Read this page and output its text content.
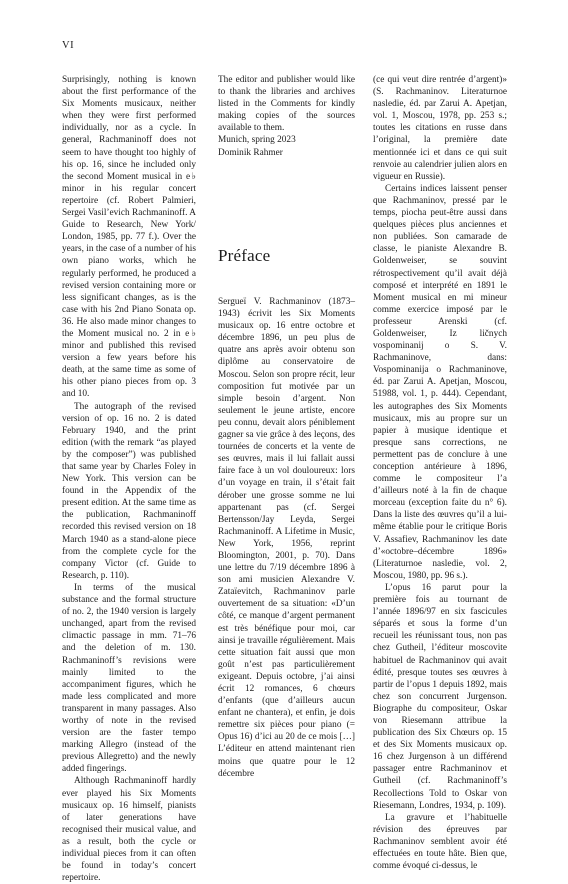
VI

Surprisingly, nothing is known about the first performance of the Six Moments musicaux, neither when they were first performed individually, nor as a cycle. In general, Rachmaninoff does not seem to have thought too highly of his op. 16, since he included only the second Moment musical in e♭ minor in his regular concert repertoire (cf. Robert Palmieri, Sergei Vasil’evich Rachmaninoff. A Guide to Research, New York/ London, 1985, pp. 77 f.). Over the years, in the case of a number of his own piano works, which he regularly performed, he produced a revised version containing more or less significant changes, as is the case with his 2nd Piano Sonata op. 36. He also made minor changes to the Moment musical no. 2 in e♭ minor and published this revised version a few years before his death, at the same time as some of his other piano pieces from op. 3 and 10.

The autograph of the revised version of op. 16 no. 2 is dated February 1940, and the print edition (with the remark “as played by the composer”) was published that same year by Charles Foley in New York. This version can be found in the Appendix of the present edition. At the same time as the publication, Rachmaninoff recorded this revised version on 18 March 1940 as a stand-alone piece from the complete cycle for the company Victor (cf. Guide to Research, p. 110).

In terms of the musical substance and the formal structure of no. 2, the 1940 version is largely unchanged, apart from the revised climactic passage in mm. 71–76 and the deletion of m. 130. Rachmaninoff’s revisions were mainly limited to the accompaniment figures, which he made less complicated and more transparent in many passages. Also worthy of note in the revised version are the faster tempo marking Allegro (instead of the previous Allegretto) and the newly added fingerings.

Although Rachmaninoff hardly ever played his Six Moments musicaux op. 16 himself, pianists of later generations have recognised their musical value, and as a result, both the cycle or individual pieces from it can often be found in today’s concert repertoire.

The editor and publisher would like to thank the libraries and archives listed in the Comments for kindly making copies of the sources available to them.

Munich, spring 2023

Dominik Rahmer

Préface

Sergueï V. Rachmaninov (1873–1943) écrivit les Six Moments musicaux op. 16 entre octobre et décembre 1896, un peu plus de quatre ans après avoir obtenu son diplôme au conservatoire de Moscou. Selon son propre récit, leur composition fut motivée par un simple besoin d’argent. Non seulement le jeune artiste, encore peu connu, devait alors péniblement gagner sa vie grâce à des leçons, des tournées de concerts et la vente de ses œuvres, mais il lui fallait aussi faire face à un vol douloureux: lors d’un voyage en train, il s’était fait dérober une grosse somme ne lui appartenant pas (cf. Sergei Bertensson/Jay Leyda, Sergei Rachmaninoff. A Lifetime in Music, New York, 1956, reprint Bloomington, 2001, p. 70). Dans une lettre du 7/19 décembre 1896 à son ami musicien Alexandre V. Zataïevitch, Rachmaninov parle ouvertement de sa situation: «D’un côté, ce manque d’argent permanent est très bénéfique pour moi, car ainsi je travaille régulièrement. Mais cette situation fait aussi que mon goût n’est pas particulièrement exigeant. Depuis octobre, j’ai ainsi écrit 12 romances, 6 chœurs d’enfants (que d’ailleurs aucun enfant ne chantera), et enfin, je dois remettre six pièces pour piano (= Opus 16) d’ici au 20 de ce mois […] L’éditeur en attend maintenant rien moins que quatre pour le 12 décembre

(ce qui veut dire rentrée d’argent)» (S. Rachmaninov. Literaturnoe nasledie, éd. par Zarui A. Apetjan, vol. 1, Moscou, 1978, pp. 253 s.; toutes les citations en russe dans l’original, la première date mentionnée ici et dans ce qui suit renvoie au calendrier julien alors en vigueur en Russie).

Certains indices laissent penser que Rachmaninov, pressé par le temps, piocha peut-être aussi dans quelques pièces plus anciennes et non publiées. Son camarade de classe, le pianiste Alexandre B. Goldenweiser, se souvint rétrospectivement qu’il avait déjà composé et interprété en 1891 le Moment musical en mi mineur comme exercice imposé par le professeur Arenski (cf. Goldenweiser, Iz ličnych vospominanij o S. V. Rachmaninove, dans: Vospominanija o Rachmaninove, éd. par Zarui A. Apetjan, Moscou, 51988, vol. 1, p. 444). Cependant, les autographes des Six Moments musicaux, mis au propre sur un papier à musique identique et presque sans corrections, ne permettent pas de conclure à une conception antérieure à 1896, comme le compositeur l’a d’ailleurs noté à la fin de chaque morceau (exception faite du n° 6). Dans la liste des œuvres qu’il a lui-même établie pour le critique Boris V. Assafiev, Rachmaninov les date d’«octobre–décembre 1896» (Literaturnoe nasledie, vol. 2, Moscou, 1980, pp. 96 s.).

L’opus 16 parut pour la première fois au tournant de l’année 1896/97 en six fascicules séparés et sous la forme d’un recueil les réunissant tous, non pas chez Gutheil, l’éditeur moscovite habituel de Rachmaninov qui avait édité, presque toutes ses œuvres à partir de l’opus 1 depuis 1892, mais chez son concurrent Jurgenson. Biographe du compositeur, Oskar von Riesemann attribue la publication des Six Chœurs op. 15 et des Six Moments musicaux op. 16 chez Jurgenson à un différend passager entre Rachmaninov et Gutheil (cf. Rachmaninoff’s Recollections Told to Oskar von Riesemann, Londres, 1934, p. 109).

La gravure et l’habituelle révision des épreuves par Rachmaninov semblent avoir été effectuées en toute hâte. Bien que, comme évoqué ci-dessus, le
